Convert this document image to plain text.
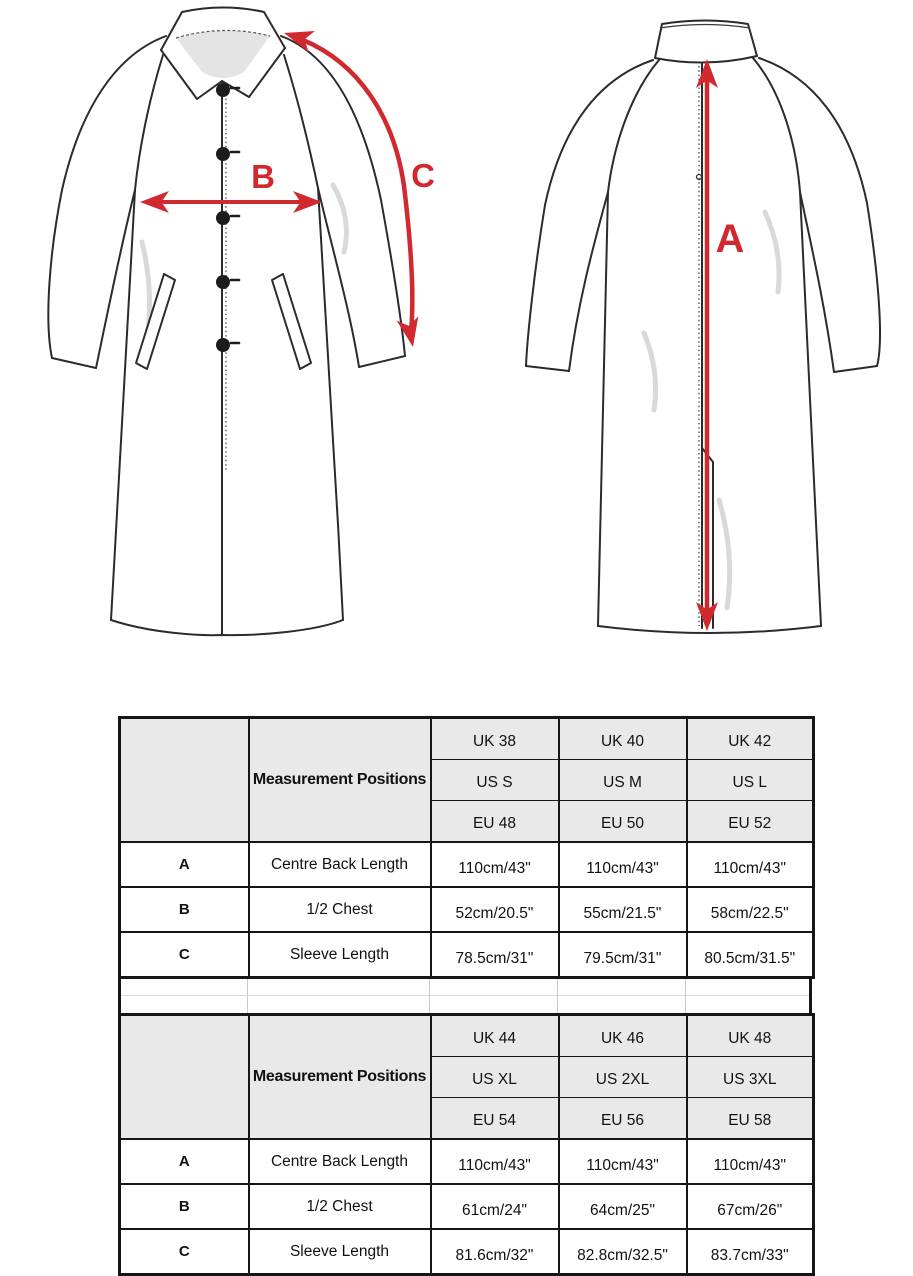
B	C
A
	Measurement Positions	UK 38	UK 40	UK 42
		US S	US M	US L
		EU 48	EU 50	EU 52
A	Centre Back Length	110cm/43"	110cm/43"	110cm/43"
B	1/2 Chest	52cm/20.5"	55cm/21.5"	58cm/22.5"
C	Sleeve Length	78.5cm/31"	79.5cm/31"	80.5cm/31.5"
	Measurement Positions	UK 44	UK 46	UK 48
		US XL	US 2XL	US 3XL
		EU 54	EU 56	EU 58
A	Centre Back Length	110cm/43"	110cm/43"	110cm/43"
B	1/2 Chest	61cm/24"	64cm/25"	67cm/26"
C	Sleeve Length	81.6cm/32"	82.8cm/32.5"	83.7cm/33"
